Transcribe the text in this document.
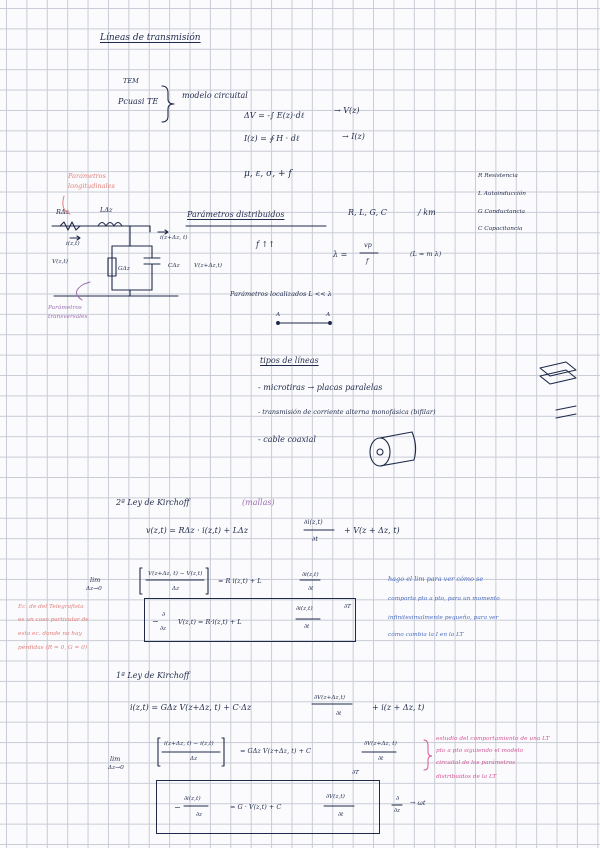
Líneas de transmisión
TEM
Pcuasi TE
modelo circuital
ΔV = -∫ E(z)·dℓ
→ V(z)
I(z) = ∮ H · dℓ	→ I(z)
μ, ε, σ, + f	R Resistencia
L Autoinducción
G Conductancia
C Capacitancia
Parámetros longitudinales
RΔz	LΔz
i(z,t)
i(z+Δz, t)
V(z,t)
GΔz	CΔz V(z+Δz,t)
Parámetros transversales
Parámetros distribuidos	R, L, G, C	/ km
f ↑↑
λ =
vp
f
(L ≈ m λ)
Parámetros localizados L << λ
A	A
tipos de líneas
- microtiras → placas paralelas
- transmisión de corriente alterna monofásica (bifilar)
- cable coaxial
2ª Ley de Kirchoff	(mallas)
v(z,t) = RΔz · i(z,t) + LΔz
∂i(z,t)
∂t
+ V(z + Δz, t)
lim
Δz→0
V(z+Δz, t) − V(z,t)
Δz
= R i(z,t) + L
∂i(z,t)
∂t
−
∂
∂z
V(z,t) = R·i(z,t) + L
∂i(z,t)
∂t
∂T
Ec. de del Telegrafista
es un caso particular de
esta ec. donde no hay
pérdidas (R = 0, G = 0)
hago el lim para ver cómo se
comporta pto a pto, para un momento
infinitesimalmente pequeño, para ver
cómo cambia la I en la LT
1ª Ley de Kirchoff
i(z,t) = GΔz V(z+Δz, t) + C·Δz
∂V(z+Δz,t)
∂t
+ i(z + Δz, t)
lim
Δz→0
i(z+Δz, t) − i(z,t)
Δz
= GΔz V(z+Δz, t) + C
∂V(z+Δz, t)
∂t
∂T
−
∂i(z,t)
∂z
= G · V(z,t) + C
∂V(z,t)
∂t
∂
∂z
→ ωt
estudio del comportamiento de una LT
pto a pto siguiendo el modelo
circuital de los parámetros
distribuidos de la LT
